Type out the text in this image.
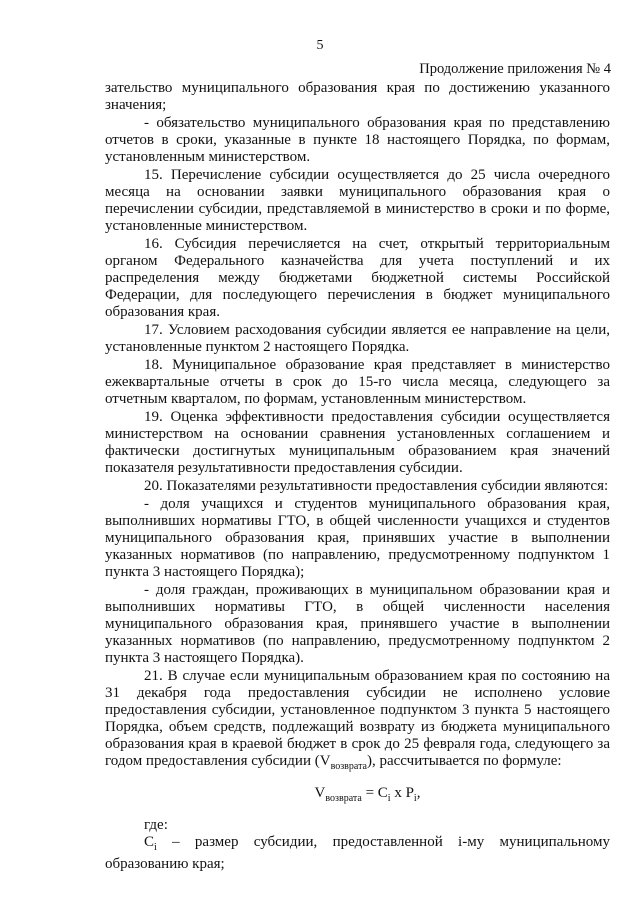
5
Продолжение приложения № 4

зательство муниципального образования края по достижению указанного значения;

- обязательство муниципального образования края по представлению отчетов в сроки, указанные в пункте 18 настоящего Порядка, по формам, установленным министерством.

15. Перечисление субсидии осуществляется до 25 числа очередного месяца на основании заявки муниципального образования края о перечислении субсидии, представляемой в министерство в сроки и по форме, установленные министерством.

16. Субсидия перечисляется на счет, открытый территориальным органом Федерального казначейства для учета поступлений и их распределения между бюджетами бюджетной системы Российской Федерации, для последующего перечисления в бюджет муниципального образования края.

17. Условием расходования субсидии является ее направление на цели, установленные пунктом 2 настоящего Порядка.

18. Муниципальное образование края представляет в министерство ежеквартальные отчеты в срок до 15-го числа месяца, следующего за отчетным кварталом, по формам, установленным министерством.

19. Оценка эффективности предоставления субсидии осуществляется министерством на основании сравнения установленных соглашением и фактически достигнутых муниципальным образованием края значений показателя результативности предоставления субсидии.

20. Показателями результативности предоставления субсидии являются:

- доля учащихся и студентов муниципального образования края, выполнивших нормативы ГТО, в общей численности учащихся и студентов муниципального образования края, принявших участие в выполнении указанных нормативов (по направлению, предусмотренному подпунктом 1 пункта 3 настоящего Порядка);

- доля граждан, проживающих в муниципальном образовании края и выполнивших нормативы ГТО, в общей численности населения муниципального образования края, принявшего участие в выполнении указанных нормативов (по направлению, предусмотренному подпунктом 2 пункта 3 настоящего Порядка).

21. В случае если муниципальным образованием края по состоянию на 31 декабря года предоставления субсидии не исполнено условие предоставления субсидии, установленное подпунктом 3 пункта 5 настоящего Порядка, объем средств, подлежащий возврату из бюджета муниципального образования края в краевой бюджет в срок до 25 февраля года, следующего за годом предоставления субсидии $(V_{возврата})$, рассчитывается по формуле:

$V_{возврата} = C_i$ x $P_i$,

где:

$C_i$ – размер субсидии, предоставленной i-му муниципальному образованию края;
